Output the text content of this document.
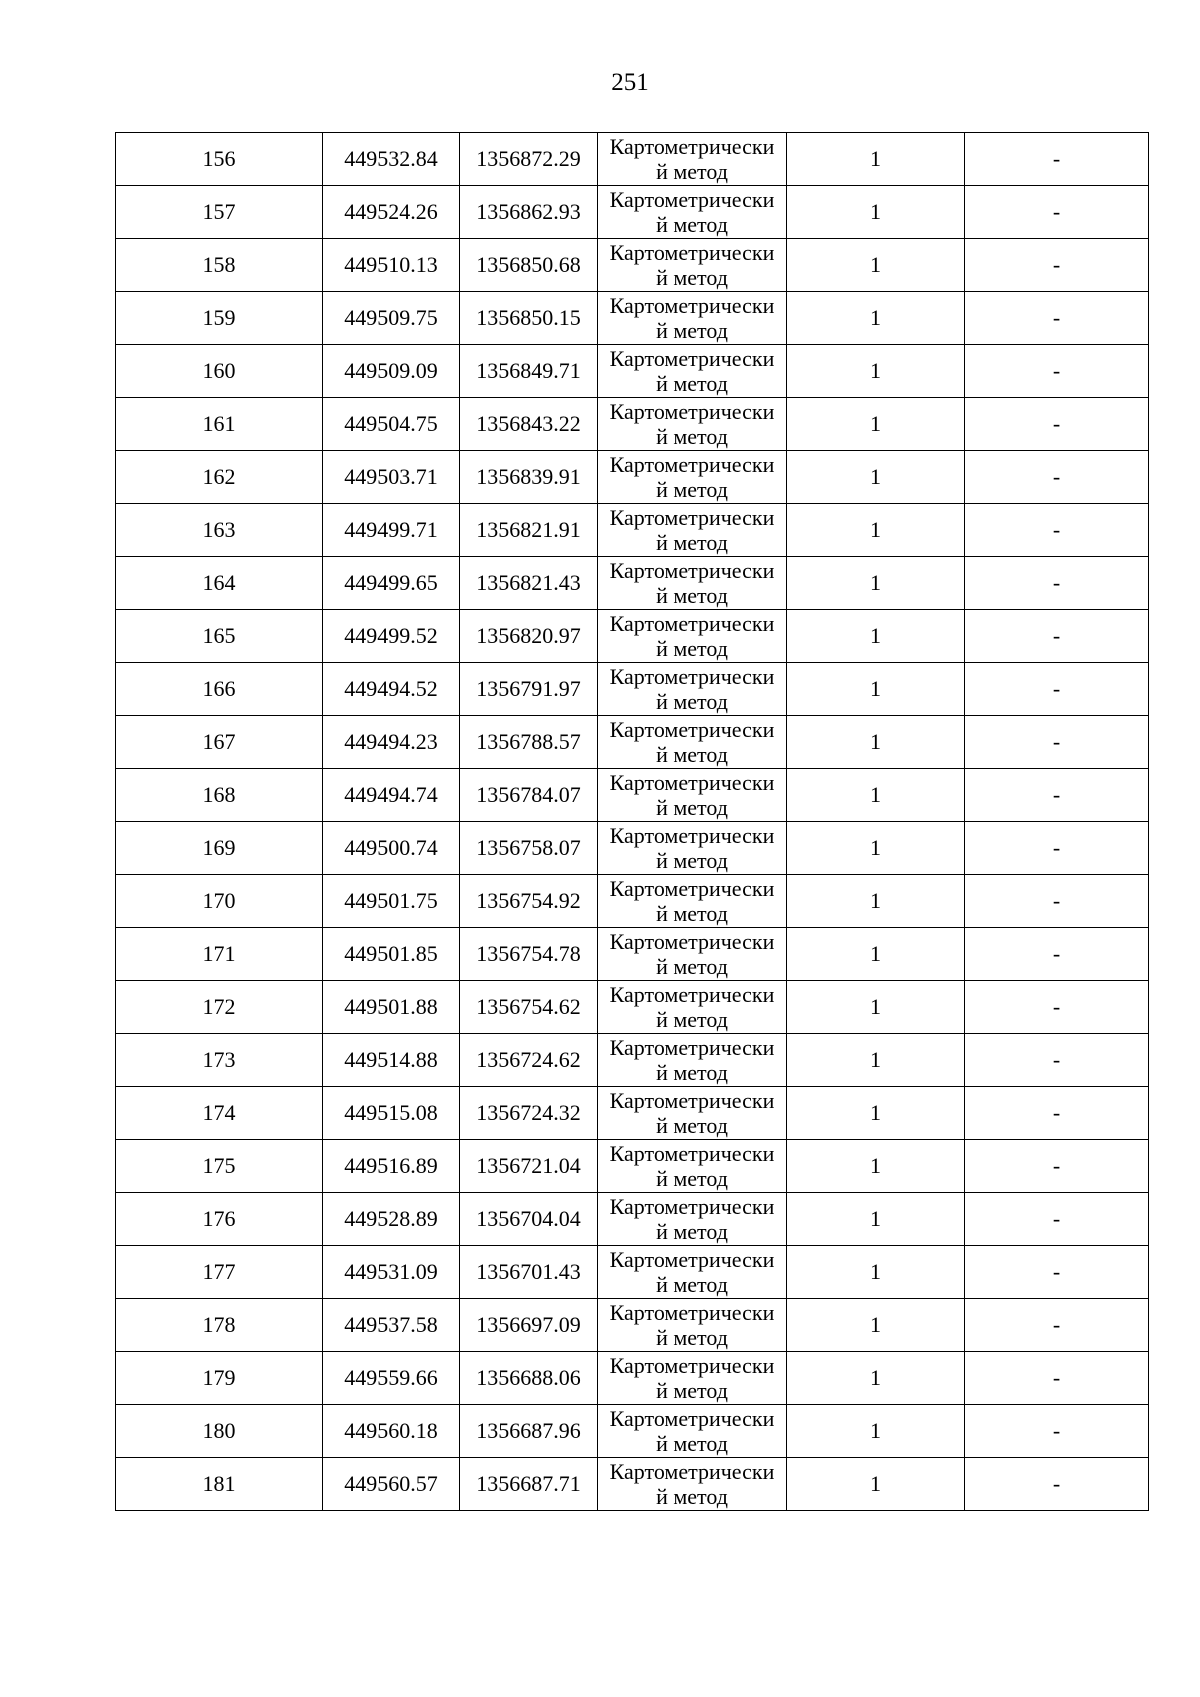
251
156	449532.84	1356872.29	Картометрически
й метод	1	-
157	449524.26	1356862.93	Картометрически
й метод	1	-
158	449510.13	1356850.68	Картометрически
й метод	1	-
159	449509.75	1356850.15	Картометрически
й метод	1	-
160	449509.09	1356849.71	Картометрически
й метод	1	-
161	449504.75	1356843.22	Картометрически
й метод	1	-
162	449503.71	1356839.91	Картометрически
й метод	1	-
163	449499.71	1356821.91	Картометрически
й метод	1	-
164	449499.65	1356821.43	Картометрически
й метод	1	-
165	449499.52	1356820.97	Картометрически
й метод	1	-
166	449494.52	1356791.97	Картометрически
й метод	1	-
167	449494.23	1356788.57	Картометрически
й метод	1	-
168	449494.74	1356784.07	Картометрически
й метод	1	-
169	449500.74	1356758.07	Картометрически
й метод	1	-
170	449501.75	1356754.92	Картометрически
й метод	1	-
171	449501.85	1356754.78	Картометрически
й метод	1	-
172	449501.88	1356754.62	Картометрически
й метод	1	-
173	449514.88	1356724.62	Картометрически
й метод	1	-
174	449515.08	1356724.32	Картометрически
й метод	1	-
175	449516.89	1356721.04	Картометрически
й метод	1	-
176	449528.89	1356704.04	Картометрически
й метод	1	-
177	449531.09	1356701.43	Картометрически
й метод	1	-
178	449537.58	1356697.09	Картометрически
й метод	1	-
179	449559.66	1356688.06	Картометрически
й метод	1	-
180	449560.18	1356687.96	Картометрически
й метод	1	-
181	449560.57	1356687.71	Картометрически
й метод	1	-
